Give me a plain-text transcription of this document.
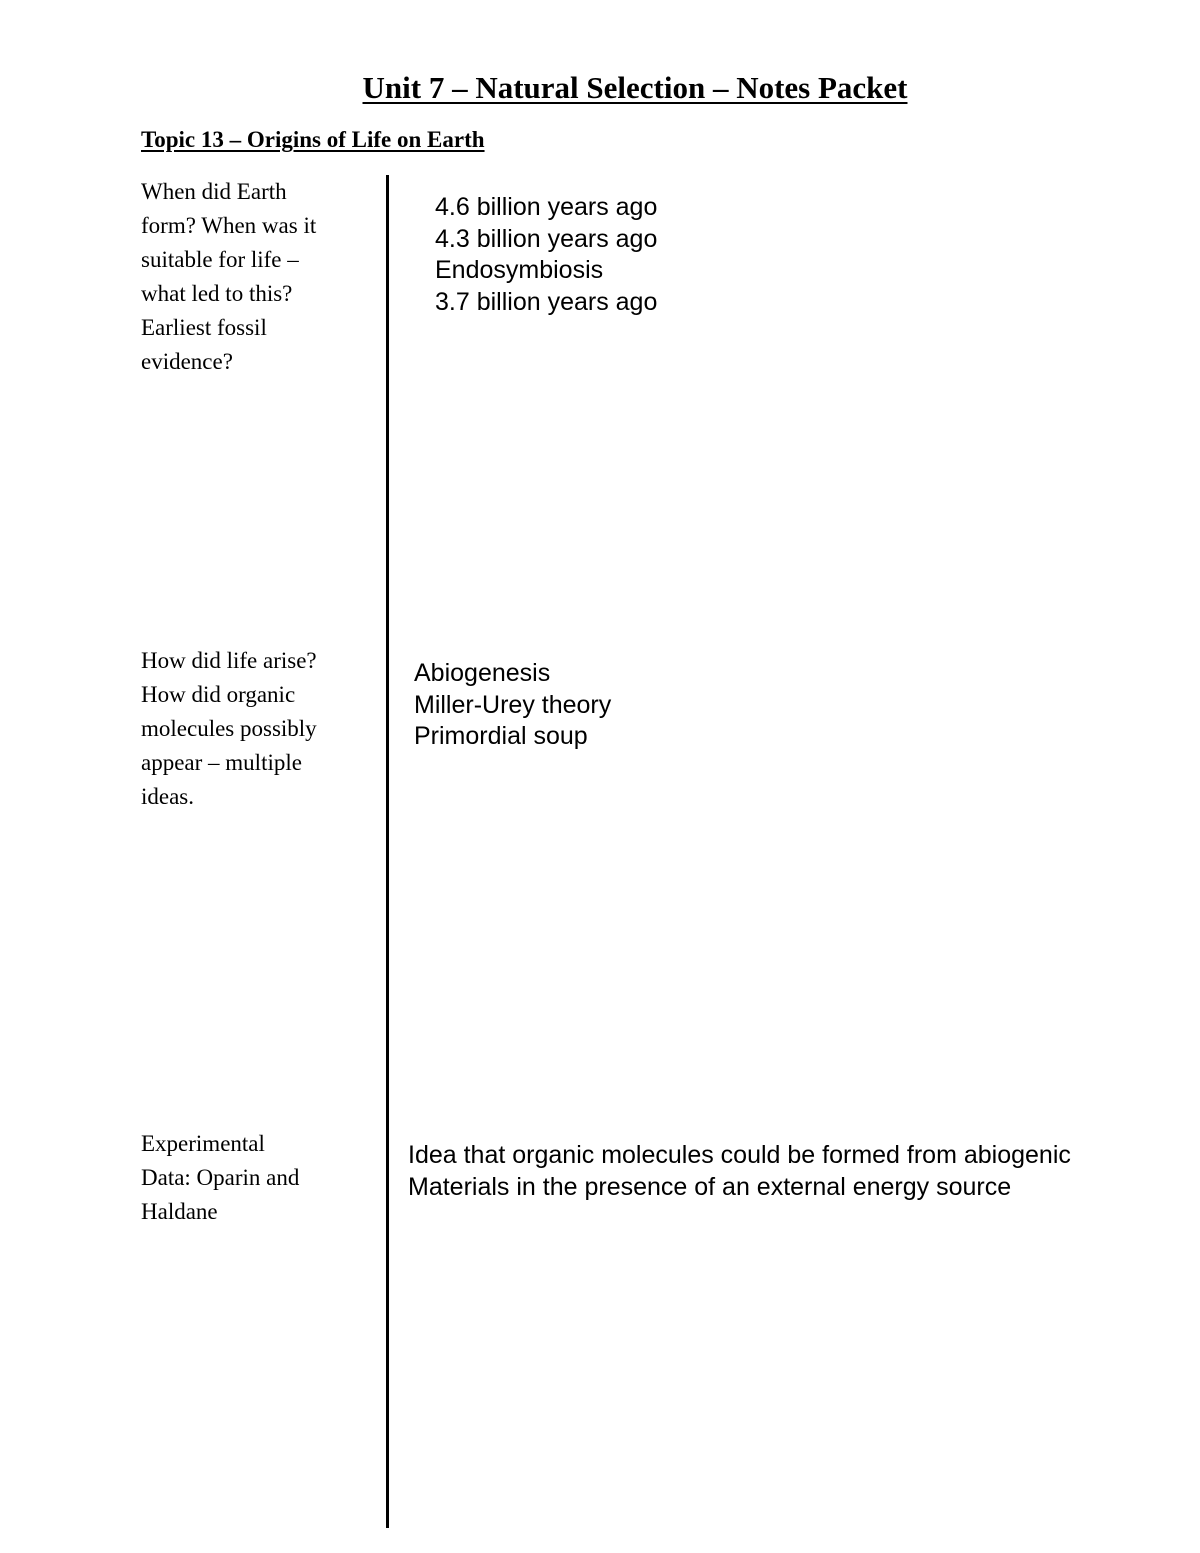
Unit 7 – Natural Selection – Notes Packet
Topic 13 – Origins of Life on Earth

When did Earth
form? When was it
suitable for life –
what led to this?
Earliest fossil
evidence?

4.6 billion years ago
4.3 billion years ago
Endosymbiosis
3.7 billion years ago

How did life arise?
How did organic
molecules possibly
appear – multiple
ideas.

Abiogenesis
Miller-Urey theory
Primordial soup

Experimental
Data: Oparin and
Haldane

Idea that organic molecules could be formed from abiogenic
Materials in the presence of an external energy source
